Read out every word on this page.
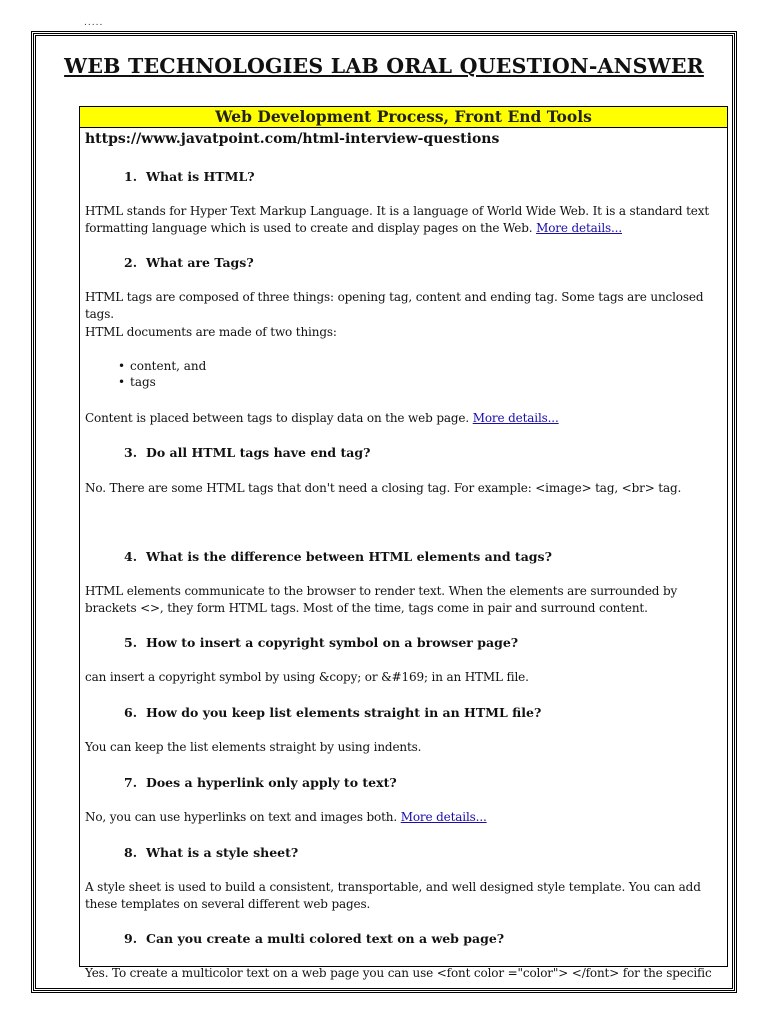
.....
WEB TECHNOLOGIES LAB ORAL QUESTION-ANSWER
Web Development Process, Front End Tools
https://www.javatpoint.com/html-interview-questions
1. What is HTML?
HTML stands for Hyper Text Markup Language. It is a language of World Wide Web. It is a standard text formatting language which is used to create and display pages on the Web. More details...
2. What are Tags?
HTML tags are composed of three things: opening tag, content and ending tag. Some tags are unclosed tags.
HTML documents are made of two things:
• content, and
• tags
Content is placed between tags to display data on the web page. More details...
3. Do all HTML tags have end tag?
No. There are some HTML tags that don't need a closing tag. For example: <image> tag, <br> tag.
4. What is the difference between HTML elements and tags?
HTML elements communicate to the browser to render text. When the elements are surrounded by brackets <>, they form HTML tags. Most of the time, tags come in pair and surround content.
5. How to insert a copyright symbol on a browser page?
can insert a copyright symbol by using &copy; or &#169; in an HTML file.
6. How do you keep list elements straight in an HTML file?
You can keep the list elements straight by using indents.
7. Does a hyperlink only apply to text?
No, you can use hyperlinks on text and images both. More details...
8. What is a style sheet?
A style sheet is used to build a consistent, transportable, and well designed style template. You can add these templates on several different web pages.
9. Can you create a multi colored text on a web page?
Yes. To create a multicolor text on a web page you can use <font color ="color"> </font> for the specific
